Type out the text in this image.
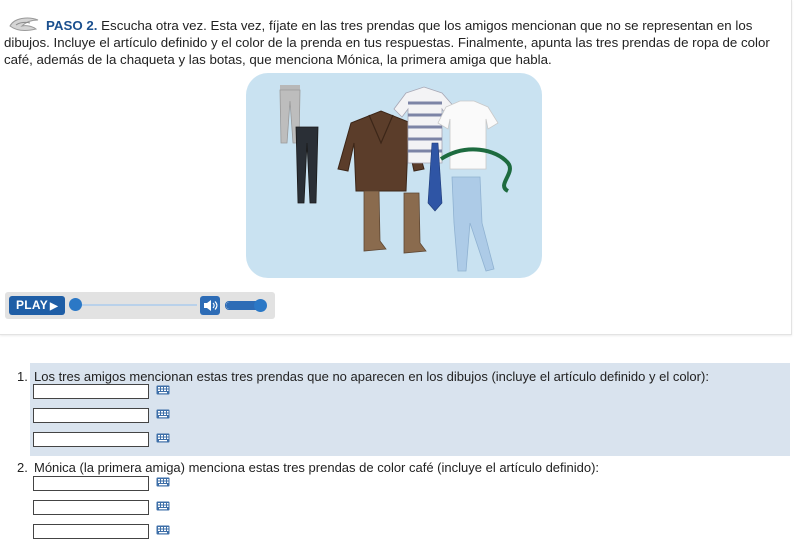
PASO 2. Escucha otra vez. Esta vez, fíjate en las tres prendas que los amigos mencionan que no se representan en los dibujos. Incluye el artículo definido y el color de la prenda en tus respuestas. Finalmente, apunta las tres prendas de ropa de color café, además de la chaqueta y las botas, que menciona Mónica, la primera amiga que habla.

PLAY ▶
1. Los tres amigos mencionan estas tres prendas que no aparecen en los dibujos (incluye el artículo definido y el color):
2. Mónica (la primera amiga) menciona estas tres prendas de color café (incluye el artículo definido):
